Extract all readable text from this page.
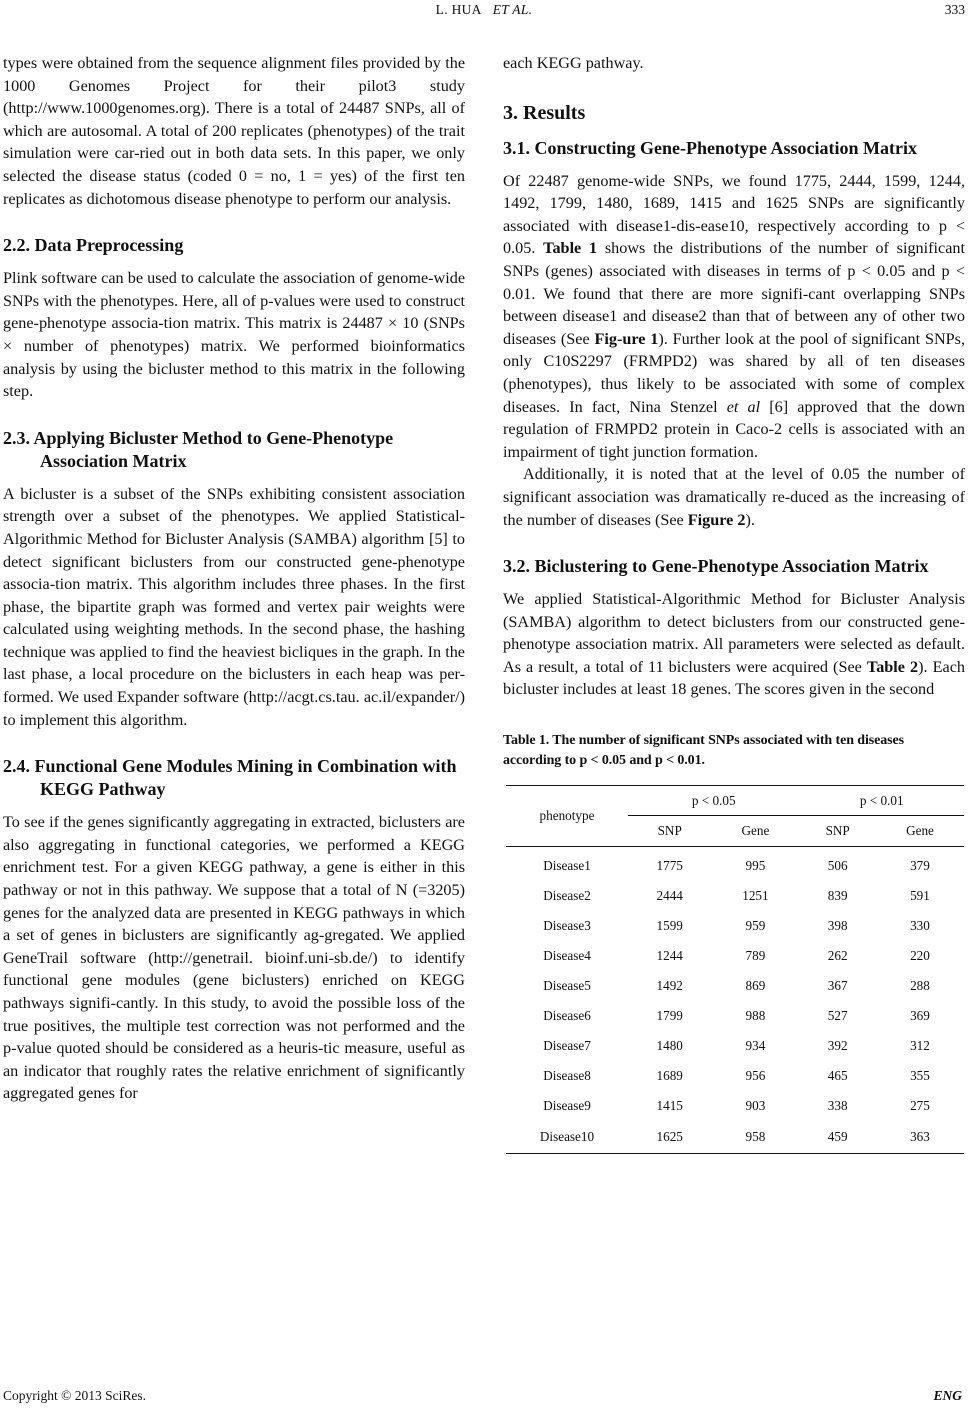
L. HUA ET AL.	333

types were obtained from the sequence alignment files provided by the 1000 Genomes Project for their pilot3 study (http://www.1000genomes.org). There is a total of 24487 SNPs, all of which are autosomal. A total of 200 replicates (phenotypes) of the trait simulation were car-ried out in both data sets. In this paper, we only selected the disease status (coded 0 = no, 1 = yes) of the first ten replicates as dichotomous disease phenotype to perform our analysis.

2.2. Data Preprocessing

Plink software can be used to calculate the association of genome-wide SNPs with the phenotypes. Here, all of p-values were used to construct gene-phenotype associa-tion matrix. This matrix is 24487 × 10 (SNPs × number of phenotypes) matrix. We performed bioinformatics analysis by using the bicluster method to this matrix in the following step.

2.3. Applying Bicluster Method to Gene-Phenotype Association Matrix

A bicluster is a subset of the SNPs exhibiting consistent association strength over a subset of the phenotypes. We applied Statistical-Algorithmic Method for Bicluster Analysis (SAMBA) algorithm [5] to detect significant biclusters from our constructed gene-phenotype associa-tion matrix. This algorithm includes three phases. In the first phase, the bipartite graph was formed and vertex pair weights were calculated using weighting methods. In the second phase, the hashing technique was applied to find the heaviest bicliques in the graph. In the last phase, a local procedure on the biclusters in each heap was per-formed. We used Expander software (http://acgt.cs.tau. ac.il/expander/) to implement this algorithm.

2.4. Functional Gene Modules Mining in Combination with KEGG Pathway

To see if the genes significantly aggregating in extracted, biclusters are also aggregating in functional categories, we performed a KEGG enrichment test. For a given KEGG pathway, a gene is either in this pathway or not in this pathway. We suppose that a total of N (=3205) genes for the analyzed data are presented in KEGG pathways in which a set of genes in biclusters are significantly ag-gregated. We applied GeneTrail software (http://genetrail. bioinf.uni-sb.de/) to identify functional gene modules (gene biclusters) enriched on KEGG pathways signifi-cantly. In this study, to avoid the possible loss of the true positives, the multiple test correction was not performed and the p-value quoted should be considered as a heuris-tic measure, useful as an indicator that roughly rates the relative enrichment of significantly aggregated genes for

each KEGG pathway.

3. Results
3.1. Constructing Gene-Phenotype Association Matrix

Of 22487 genome-wide SNPs, we found 1775, 2444, 1599, 1244, 1492, 1799, 1480, 1689, 1415 and 1625 SNPs are significantly associated with disease1-dis-ease10, respectively according to p < 0.05. Table 1 shows the distributions of the number of significant SNPs (genes) associated with diseases in terms of p < 0.05 and p < 0.01. We found that there are more signifi-cant overlapping SNPs between disease1 and disease2 than that of between any of other two diseases (See Fig-ure 1). Further look at the pool of significant SNPs, only C10S2297 (FRMPD2) was shared by all of ten diseases (phenotypes), thus likely to be associated with some of complex diseases. In fact, Nina Stenzel et al [6] approved that the down regulation of FRMPD2 protein in Caco-2 cells is associated with an impairment of tight junction formation.

Additionally, it is noted that at the level of 0.05 the number of significant association was dramatically re-duced as the increasing of the number of diseases (See Figure 2).

3.2. Biclustering to Gene-Phenotype Association Matrix

We applied Statistical-Algorithmic Method for Bicluster Analysis (SAMBA) algorithm to detect biclusters from our constructed gene-phenotype association matrix. All parameters were selected as default. As a result, a total of 11 biclusters were acquired (See Table 2). Each bicluster includes at least 18 genes. The scores given in the second

Table 1. The number of significant SNPs associated with ten diseases according to p < 0.05 and p < 0.01.
phenotype	p < 0.05		p < 0.01	
	SNP	Gene	SNP	Gene

Disease1	1775	995	506	379
Disease2	2444	1251	839	591
Disease3	1599	959	398	330
Disease4	1244	789	262	220
Disease5	1492	869	367	288
Disease6	1799	988	527	369
Disease7	1480	934	392	312
Disease8	1689	956	465	355
Disease9	1415	903	338	275
Disease10	1625	958	459	363
Copyright © 2013 SciRes.	ENG
